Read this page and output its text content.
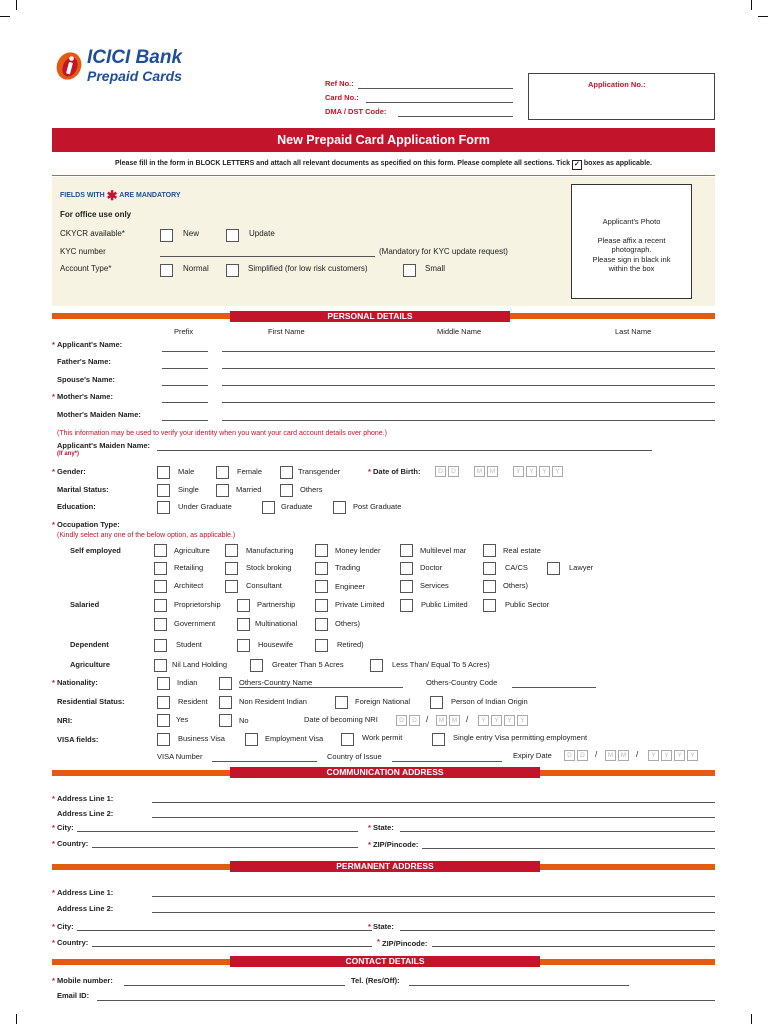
ICICI Bank
Prepaid Cards	Ref No.:
Card No.:
DMA / DST Code:
Application No.:
New Prepaid Card Application Form
Please fill in the form in BLOCK LETTERS and attach all relevant documents as specified on this form. Please complete all sections. Tick ✓ boxes as applicable.
FIELDS WITH ✱ ARE MANDATORY
For office use only
CKYCR available*	New	Update
KYC number	(Mandatory for KYC update request)
Account Type*	Normal	Simplified (for low risk customers)	Small
Applicant's Photo
Please affix a recent
photograph.
Please sign in black ink
within the box
PERSONAL DETAILS
Prefix	First Name	Middle Name	Last Name
* Applicant's Name:
Father's Name:
Spouse's Name:
* Mother's Name:
Mother's Maiden Name:
(This information may be used to verify your identity when you want your card account details over phone.)
Applicant's Maiden Name:
(If any*)
* Gender:	Male	Female	Transgender	* Date of Birth:	D	D	M	M	Y	Y	Y	Y
Marital Status:	Single	Married	Others
Education:	Under Graduate	Graduate	Post Graduate
* Occupation Type:
(Kindly select any one of the below option, as applicable.)
Self employed	Agriculture	Manufacturing	Money lender	Multilevel mar	Real estate
Retailing	Stock broking	Trading	Doctor	CA/CS	Lawyer
Architect	Consultant	Engineer	Services	Others)
Salaried	Proprietorship	Partnership	Private Limited	Public Limited	Public Sector
Government	Multinational	Others)
Dependent	Student	Housewife	Retired)
Agriculture	Nil Land Holding	Greater Than 5 Acres	Less Than/ Equal To 5 Acres)
* Nationality:	Indian	Others-Country Name	Others-Country Code
Residential Status:	Resident	Non Resident Indian	Foreign National	Person of Indian Origin
NRI:	Yes	No	Date of becoming NRI	D	D	/	M	M	/	Y	Y	Y	Y
VISA fields:	Business Visa	Employment Visa	Work permit	Single entry Visa permitting employment
VISA Number	Country of Issue	Expiry Date	D	D	/	M	M	/	Y	Y	Y	Y
COMMUNICATION ADDRESS
* Address Line 1:
Address Line 2:
* City:	* State:
* Country:	* ZIP/Pincode:
PERMANENT ADDRESS
* Address Line 1:
Address Line 2:
* City:	* State:
* Country:	* ZIP/Pincode:
CONTACT DETAILS
* Mobile number:	Tel. (Res/Off):
Email ID:
